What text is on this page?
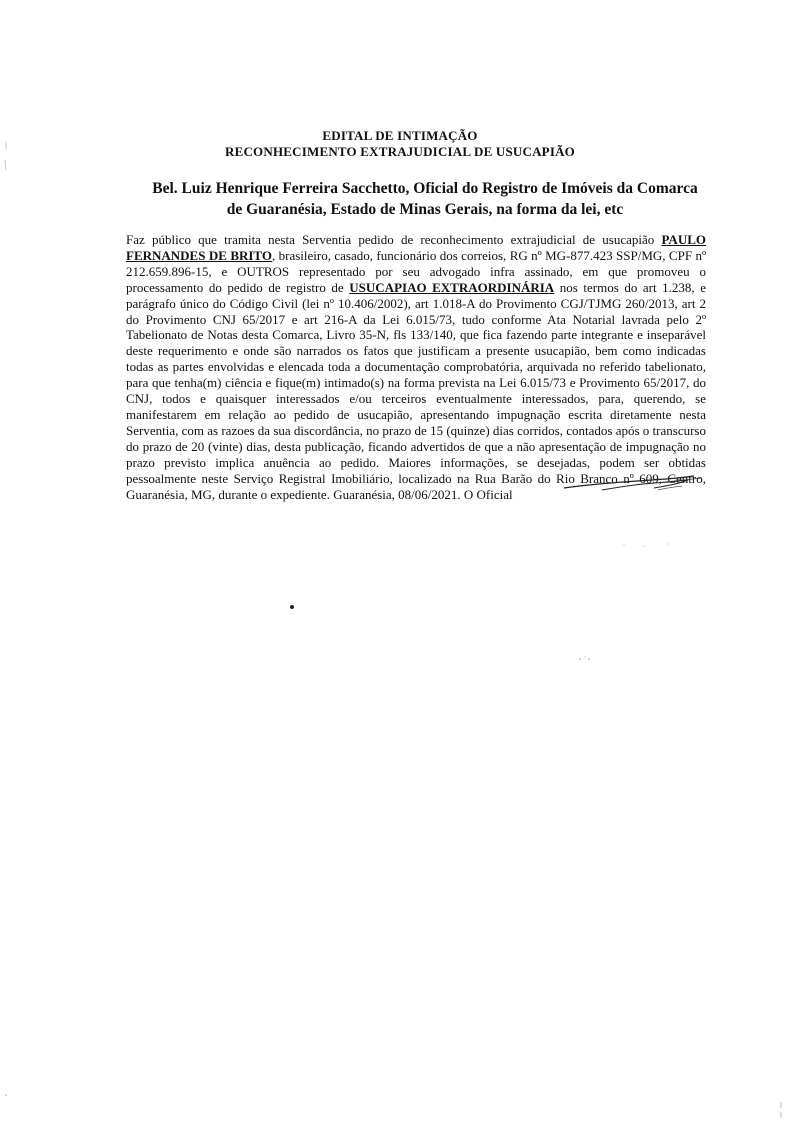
EDITAL DE INTIMAÇÃO

RECONHECIMENTO EXTRAJUDICIAL DE USUCAPIÃO

Bel. Luiz Henrique Ferreira Sacchetto, Oficial do Registro de Imóveis da Comarca de Guaranésia, Estado de Minas Gerais, na forma da lei, etc

Faz público que tramita nesta Serventia pedido de reconhecimento extrajudicial de usucapião PAULO FERNANDES DE BRITO, brasileiro, casado, funcionário dos correios, RG nº MG-877.423 SSP/MG, CPF nº 212.659.896-15, e OUTROS representado por seu advogado infra assinado, em que promoveu o processamento do pedido de registro de USUCAPIAO EXTRAORDINÁRIA nos termos do art 1.238, e parágrafo único do Código Civil (lei nº 10.406/2002), art 1.018-A do Provimento CGJ/TJMG 260/2013, art 2 do Provimento CNJ 65/2017 e art 216-A da Lei 6.015/73, tudo conforme Ata Notarial lavrada pelo 2º Tabelionato de Notas desta Comarca, Livro 35-N, fls 133/140, que fica fazendo parte integrante e inseparável deste requerimento e onde são narrados os fatos que justificam a presente usucapião, bem como indicadas todas as partes envolvidas e elencada toda a documentação comprobatória, arquivada no referido tabelionato, para que tenha(m) ciência e fique(m) intimado(s) na forma prevista na Lei 6.015/73 e Provimento 65/2017, do CNJ, todos e quaisquer interessados e/ou terceiros eventualmente interessados, para, querendo, se manifestarem em relação ao pedido de usucapião, apresentando impugnação escrita diretamente nesta Serventia, com as razoes da sua discordância, no prazo de 15 (quinze) dias corridos, contados após o transcurso do prazo de 20 (vinte) dias, desta publicação, ficando advertidos de que a não apresentação de impugnação no prazo previsto implica anuência ao pedido. Maiores informações, se desejadas, podem ser obtidas pessoalmente neste Serviço Registral Imobiliário, localizado na Rua Barão do Rio Branco nº 609, Centro, Guaranésia, MG, durante o expediente. Guaranésia, 08/06/2021. O Oficial
